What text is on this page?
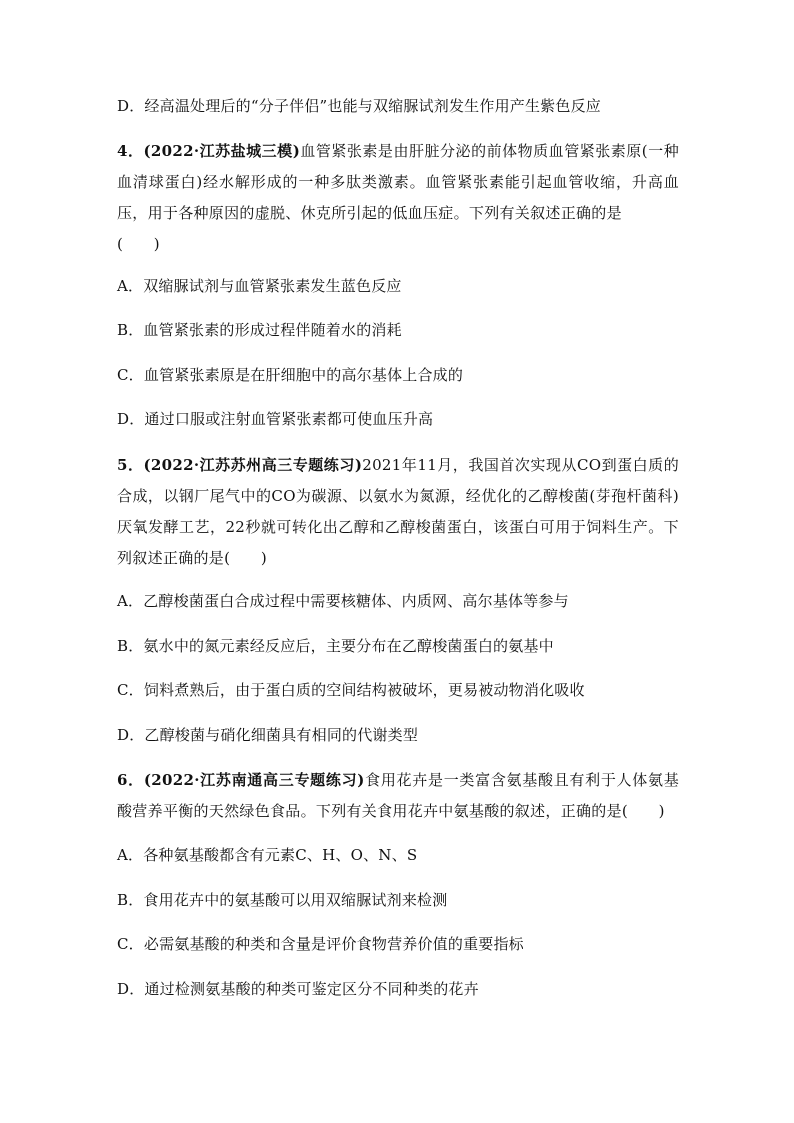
D．经高温处理后的“分子伴侣”也能与双缩脲试剂发生作用产生紫色反应
4．(2022·江苏盐城三模)血管紧张素是由肝脏分泌的前体物质血管紧张素原(一种血清球蛋白)经水解形成的一种多肽类激素。血管紧张素能引起血管收缩，升高血压，用于各种原因的虚脱、休克所引起的低血压症。下列有关叙述正确的是
(　　)
A．双缩脲试剂与血管紧张素发生蓝色反应
B．血管紧张素的形成过程伴随着水的消耗
C．血管紧张素原是在肝细胞中的高尔基体上合成的
D．通过口服或注射血管紧张素都可使血压升高
5．(2022·江苏苏州高三专题练习)2021年11月，我国首次实现从CO到蛋白质的合成，以钢厂尾气中的CO为碳源、以氨水为氮源，经优化的乙醇梭菌(芽孢杆菌科)厌氧发酵工艺，22秒就可转化出乙醇和乙醇梭菌蛋白，该蛋白可用于饲料生产。下列叙述正确的是(　　)
A．乙醇梭菌蛋白合成过程中需要核糖体、内质网、高尔基体等参与
B．氨水中的氮元素经反应后，主要分布在乙醇梭菌蛋白的氨基中
C．饲料煮熟后，由于蛋白质的空间结构被破坏，更易被动物消化吸收
D．乙醇梭菌与硝化细菌具有相同的代谢类型
6．(2022·江苏南通高三专题练习)食用花卉是一类富含氨基酸且有利于人体氨基酸营养平衡的天然绿色食品。下列有关食用花卉中氨基酸的叙述，正确的是(　　)
A．各种氨基酸都含有元素C、H、O、N、S
B．食用花卉中的氨基酸可以用双缩脲试剂来检测
C．必需氨基酸的种类和含量是评价食物营养价值的重要指标
D．通过检测氨基酸的种类可鉴定区分不同种类的花卉
